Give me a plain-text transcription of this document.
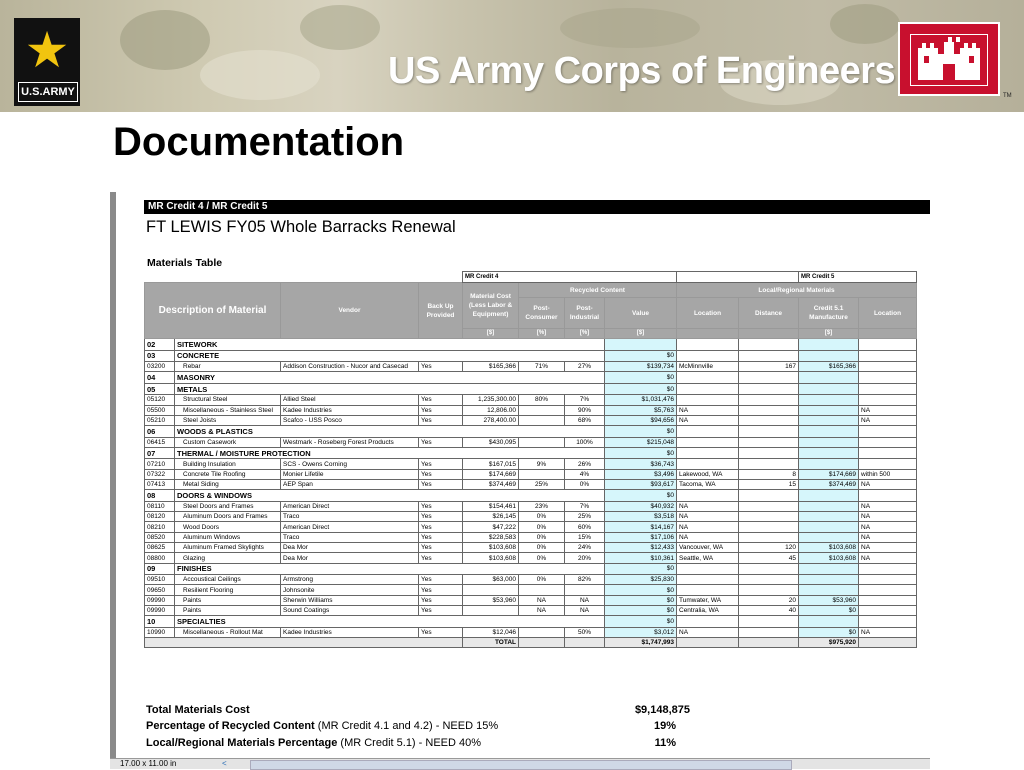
★
U.S.ARMY	US Army Corps of Engineers
TM
Documentation
MR Credit 4 / MR Credit 5
FT LEWIS FY05 Whole Barracks Renewal
Materials Table
				MR Credit 4						MR Credit 5	
Description of Material		Vendor	Back Up Provided	Material Cost (Less Labor & Equipment)	Recycled Content			Local/Regional Materials			
					Post-Consumer	Post-Industrial	Value	Location	Distance	Credit 5.1 Manufacture	Location
				[$]	[%]	[%]	[$]			[$]	
02	SITEWORK										
03	CONCRETE						$0				
03200	Rebar	Addison Construction - Nucor and Casecad	Yes	$165,366	71%	27%	$139,734	McMinnville	167	$165,366	
04	MASONRY						$0				
05	METALS						$0				
05120	Structural Steel	Allied Steel	Yes	1,235,300.00	80%	7%	$1,031,476				
05500	Miscellaneous - Stainless Steel	Kadee Industries	Yes	12,806.00		90%	$5,763	NA			NA
05210	Steel Joists	Scafco - USS Posco	Yes	278,400.00		68%	$94,656	NA			NA
06	WOODS & PLASTICS						$0				
06415	Custom Casework	Westmark - Roseberg Forest Products	Yes	$430,095		100%	$215,048				
07	THERMAL / MOISTURE PROTECTION						$0				
07210	Building Insulation	SCS - Owens Corning	Yes	$167,015	9%	26%	$36,743				
07322	Concrete Tile Roofing	Monier Lifetile	Yes	$174,669		4%	$3,496	Lakewood, WA	8	$174,669	within 500
07413	Metal Siding	AEP Span	Yes	$374,469	25%	0%	$93,617	Tacoma, WA	15	$374,469	NA
08	DOORS & WINDOWS						$0				
08110	Steel Doors and Frames	American Direct	Yes	$154,461	23%	7%	$40,932	NA			NA
08120	Aluminum Doors and Frames	Traco	Yes	$26,145	0%	25%	$3,518	NA			NA
08210	Wood Doors	American Direct	Yes	$47,222	0%	60%	$14,167	NA			NA
08520	Aluminum Windows	Traco	Yes	$228,583	0%	15%	$17,106	NA			NA
08625	Aluminum Framed Skylights	Dea Mor	Yes	$103,608	0%	24%	$12,433	Vancouver, WA	120	$103,608	NA
08800	Glazing	Dea Mor	Yes	$103,608	0%	20%	$10,361	Seattle, WA	45	$103,608	NA
09	FINISHES						$0				
09510	Accoustical Ceilings	Armstrong	Yes	$63,000	0%	82%	$25,830				
09650	Resilient Flooring	Johnsonite	Yes				$0				
09990	Paints	Sherwin Williams	Yes	$53,960	NA	NA	$0	Tumwater, WA	20	$53,960	
09990	Paints	Sound Coatings	Yes		NA	NA	$0	Centralia, WA	40	$0	
10	SPECIALTIES						$0				
10990	Miscellaneous - Rollout Mat	Kadee Industries	Yes	$12,046		50%	$3,012	NA		$0	NA
				TOTAL			$1,747,993			$975,920	
Total Materials Cost	$9,148,875
Percentage of Recycled Content (MR Credit 4.1 and 4.2) - NEED 15%	19%
Local/Regional Materials Percentage (MR Credit 5.1) - NEED 40%	11%
17.00 x 11.00 in	<
